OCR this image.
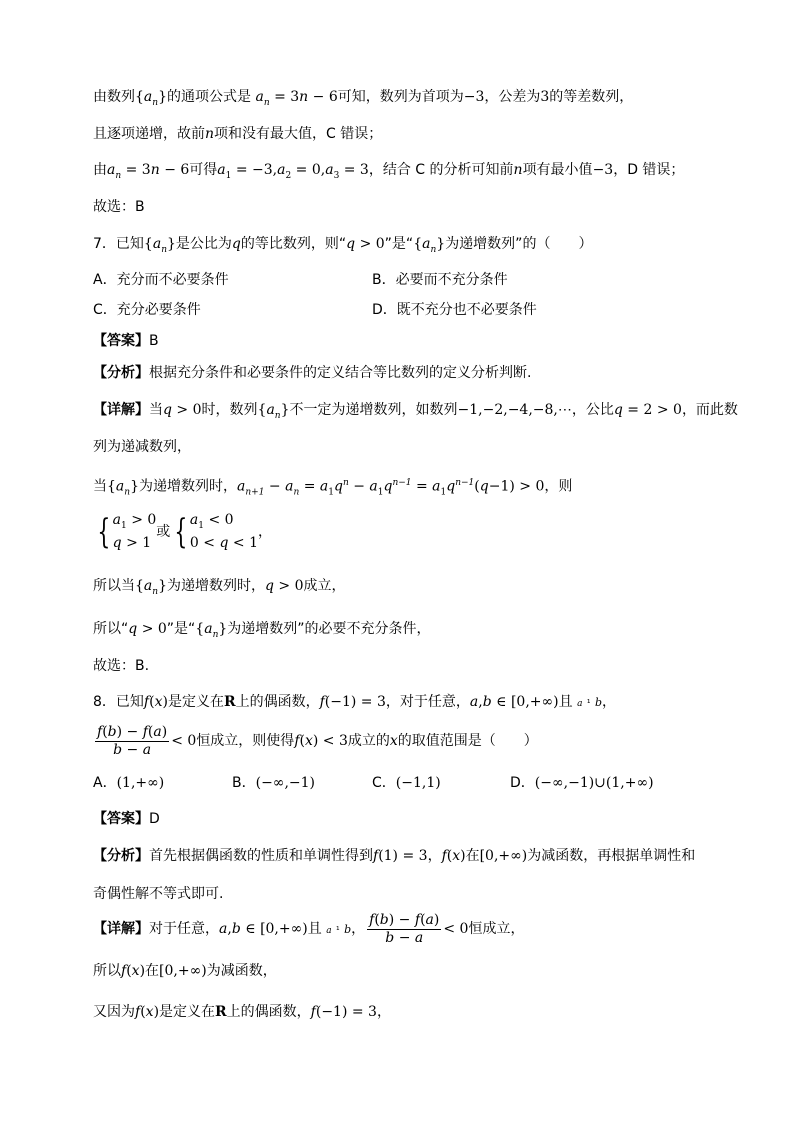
由数列$\{a_n\}$的通项公式是 $a_n = 3n - 6$可知，数列为首项为−3，公差为3的等差数列，
且逐项递增，故前n项和没有最大值，C 错误；
由$a_n = 3n - 6$可得$a_1 = -3,a_2 = 0,a_3 = 3$，结合 C 的分析可知前n项有最小值−3，D 错误；
故选：B
7．已知$\{a_n\}$是公比为q的等比数列，则“q > 0”是“$\{a_n\}$为递增数列”的（　　）
A．充分而不必要条件	B．必要而不充分条件
C．充分必要条件	D．既不充分也不必要条件
【答案】B
【分析】根据充分条件和必要条件的定义结合等比数列的定义分析判断.
【详解】当q > 0时，数列$\{a_n\}$不一定为递增数列，如数列−1,−2,−4,−8,⋯，公比q = 2 > 0，而此数
列为递减数列，
当$\{a_n\}$为递增数列时，$a_{n+1} - a_n = a_1q^n - a_1q^{n-1} = a_1q^{n-1}(q-1) > 0$，则
{ $a_1 > 0$
q > 1
或 { $a_1 < 0$
0 < q < 1
，
所以当$\{a_n\}$为递增数列时，q > 0成立，
所以“q > 0”是“$\{a_n\}$为递增数列”的必要不充分条件，
故选：B.
8．已知f(x)是定义在R上的偶函数，f(−1) = 3，对于任意，a,b ∈ [0,+∞)且 a ¹ b，
$\frac{f(b) - f(a)}{b - a} < 0$恒成立，则使得f(x) < 3成立的x的取值范围是（　　）
A．(1,+∞)	B．(−∞,−1)	C．(−1,1)	D．(−∞,−1)∪(1,+∞)
【答案】D
【分析】首先根据偶函数的性质和单调性得到f(1) = 3，f(x)在[0,+∞)为减函数，再根据单调性和
奇偶性解不等式即可.
【详解】对于任意，a,b ∈ [0,+∞)且 a ¹ b， $\frac{f(b) - f(a)}{b - a} < 0$恒成立，
所以f(x)在[0,+∞)为减函数，
又因为f(x)是定义在R上的偶函数，f(−1) = 3，
